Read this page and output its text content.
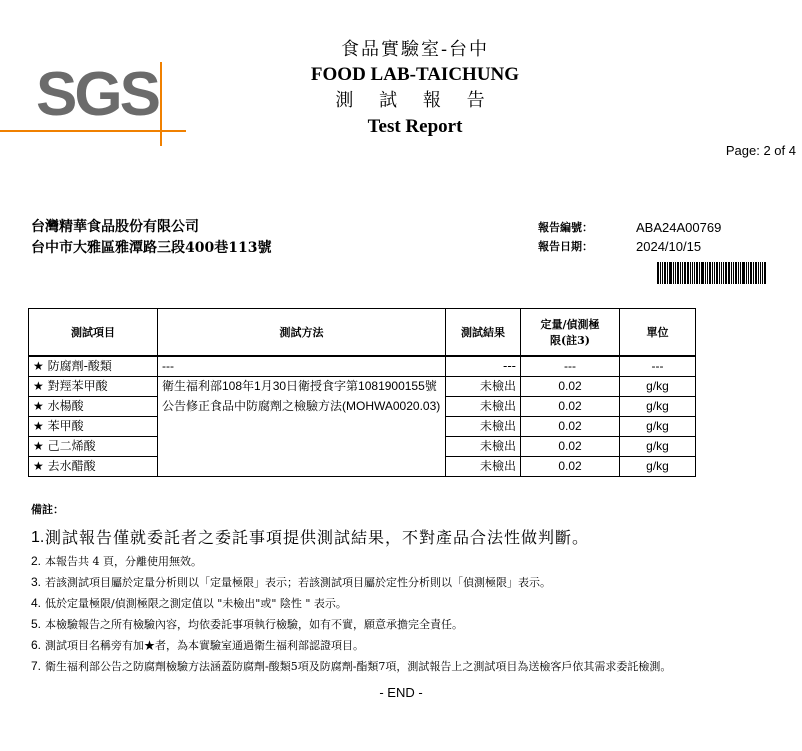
SGS
食品實驗室-台中
FOOD LAB-TAICHUNG
測 試 報 告
Test Report
Page: 2 of 4
台灣精華食品股份有限公司
台中市大雅區雅潭路三段400巷113號
報告編號：	ABA24A00769
報告日期：	2024/10/15
測試項目	測試方法	測試結果	定量/偵測極限(註3)	單位
★ 防腐劑-酸類	---	---	---	---
★ 對羥苯甲酸	衛生福利部108年1月30日衛授食字第1081900155號公告修正食品中防腐劑之檢驗方法(MOHWA0020.03)	未檢出	0.02	g/kg
★ 水楊酸		未檢出	0.02	g/kg
★ 苯甲酸		未檢出	0.02	g/kg
★ 己二烯酸		未檢出	0.02	g/kg
★ 去水醋酸		未檢出	0.02	g/kg
備註：
1. 測試報告僅就委託者之委託事項提供測試結果，不對產品合法性做判斷。
2. 本報告共 4 頁，分離使用無效。
3. 若該測試項目屬於定量分析則以「定量極限」表示；若該測試項目屬於定性分析則以「偵測極限」表示。
4. 低於定量極限/偵測極限之測定值以 "未檢出"或" 陰性 " 表示。
5. 本檢驗報告之所有檢驗內容，均依委託事項執行檢驗，如有不實，願意承擔完全責任。
6. 測試項目名稱旁有加★者，為本實驗室通過衛生福利部認證項目。
7. 衛生福利部公告之防腐劑檢驗方法涵蓋防腐劑-酸類5項及防腐劑-酯類7項，測試報告上之測試項目為送檢客戶依其需求委託檢測。
- END -
